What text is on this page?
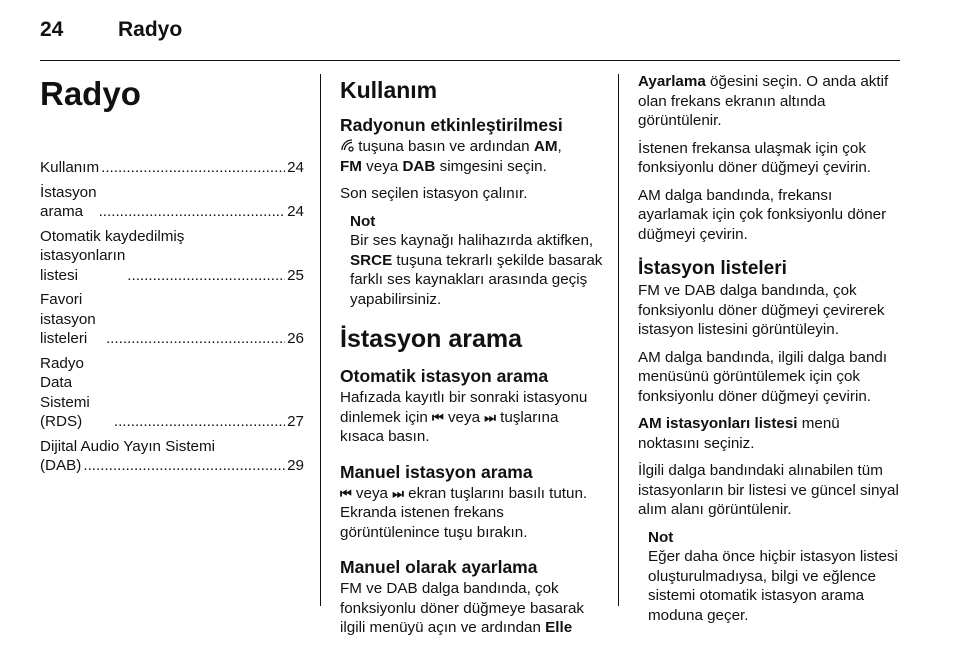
24	Radyo
Radyo
Kullanım .....	24
İstasyon arama .....	24
Otomatik kaydedilmiş
istasyonların listesi .....	25
Favori istasyon listeleri .....	26
Radyo Data Sistemi (RDS) .....	27
Dijital Audio Yayın Sistemi
(DAB) .....	29
Kullanım
Radyonun etkinleştirilmesi

tuşuna basın ve ardından AM,
FM veya DAB simgesini seçin.

Son seçilen istasyon çalınır.

Not
Bir ses kaynağı halihazırda aktifken,
SRCE tuşuna tekrarlı şekilde basarak farklı ses kaynakları arasında geçiş yapabilirsiniz.
İstasyon arama
Otomatik istasyon arama

Hafızada kayıtlı bir sonraki istasyonu dinlemek için ⏮ veya ⏭ tuşlarına kısaca basın.

Manuel istasyon arama

⏮ veya ⏭ ekran tuşlarını basılı tutun. Ekranda istenen frekans görüntülenince tuşu bırakın.

Manuel olarak ayarlama

FM ve DAB dalga bandında, çok fonksiyonlu döner düğmeye basarak ilgili menüyü açın ve ardından Elle

Ayarlama öğesini seçin. O anda aktif olan frekans ekranın altında görüntülenir.

İstenen frekansa ulaşmak için çok fonksiyonlu döner düğmeyi çevirin.

AM dalga bandında, frekansı ayarlamak için çok fonksiyonlu döner düğmeyi çevirin.

İstasyon listeleri

FM ve DAB dalga bandında, çok fonksiyonlu döner düğmeyi çevirerek istasyon listesini görüntüleyin.

AM dalga bandında, ilgili dalga bandı menüsünü görüntülemek için çok fonksiyonlu döner düğmeyi çevirin.

AM istasyonları listesi menü noktasını seçiniz.

İlgili dalga bandındaki alınabilen tüm istasyonların bir listesi ve güncel sinyal alım alanı görüntülenir.

Not
Eğer daha önce hiçbir istasyon listesi oluşturulmadıysa, bilgi ve eğlence sistemi otomatik istasyon arama moduna geçer.
